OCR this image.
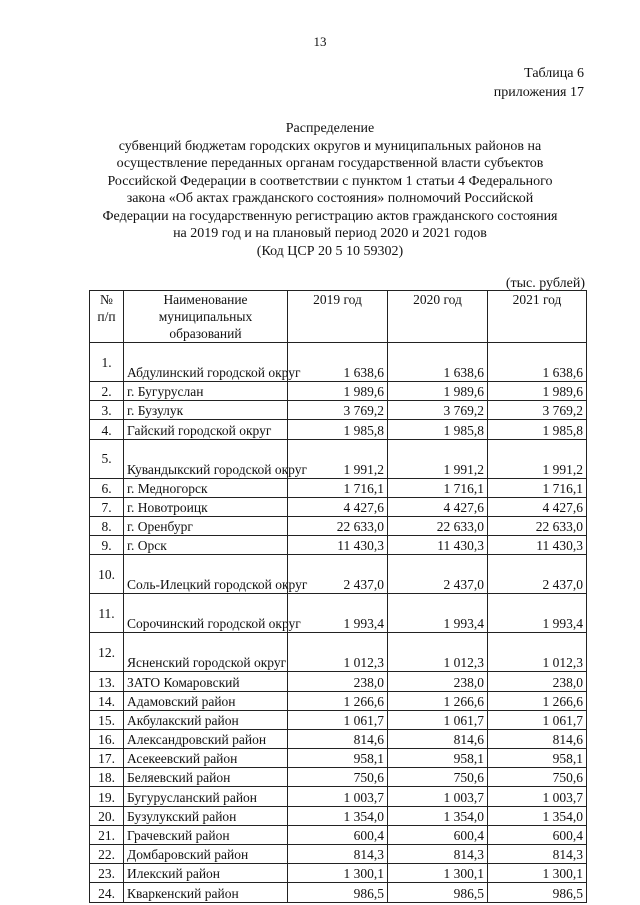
13
Таблица 6
приложения 17
Распределение
субвенций бюджетам городских округов и муниципальных районов на
осуществление переданных органам государственной власти субъектов
Российской Федерации в соответствии с пунктом 1 статьи 4 Федерального
закона «Об актах гражданского состояния» полномочий Российской
Федерации на государственную регистрацию актов гражданского состояния
на 2019 год и на плановый период 2020 и 2021 годов
(Код ЦСР 20 5 10 59302)
(тыс. рублей)
№ п/п	Наименование муниципальных образований	2019 год	2020 год	2021 год
1.	Абдулинский городской округ	1 638,6	1 638,6	1 638,6
2.	г. Бугуруслан	1 989,6	1 989,6	1 989,6
3.	г. Бузулук	3 769,2	3 769,2	3 769,2
4.	Гайский городской округ	1 985,8	1 985,8	1 985,8
5.	Кувандыкский городской округ	1 991,2	1 991,2	1 991,2
6.	г. Медногорск	1 716,1	1 716,1	1 716,1
7.	г. Новотроицк	4 427,6	4 427,6	4 427,6
8.	г. Оренбург	22 633,0	22 633,0	22 633,0
9.	г. Орск	11 430,3	11 430,3	11 430,3
10.	Соль-Илецкий городской округ	2 437,0	2 437,0	2 437,0
11.	Сорочинский городской округ	1 993,4	1 993,4	1 993,4
12.	Ясненский городской округ	1 012,3	1 012,3	1 012,3
13.	ЗАТО Комаровский	238,0	238,0	238,0
14.	Адамовский район	1 266,6	1 266,6	1 266,6
15.	Акбулакский район	1 061,7	1 061,7	1 061,7
16.	Александровский район	814,6	814,6	814,6
17.	Асекеевский район	958,1	958,1	958,1
18.	Беляевский район	750,6	750,6	750,6
19.	Бугурусланский район	1 003,7	1 003,7	1 003,7
20.	Бузулукский район	1 354,0	1 354,0	1 354,0
21.	Грачевский район	600,4	600,4	600,4
22.	Домбаровский район	814,3	814,3	814,3
23.	Илекский район	1 300,1	1 300,1	1 300,1
24.	Кваркенский район	986,5	986,5	986,5
